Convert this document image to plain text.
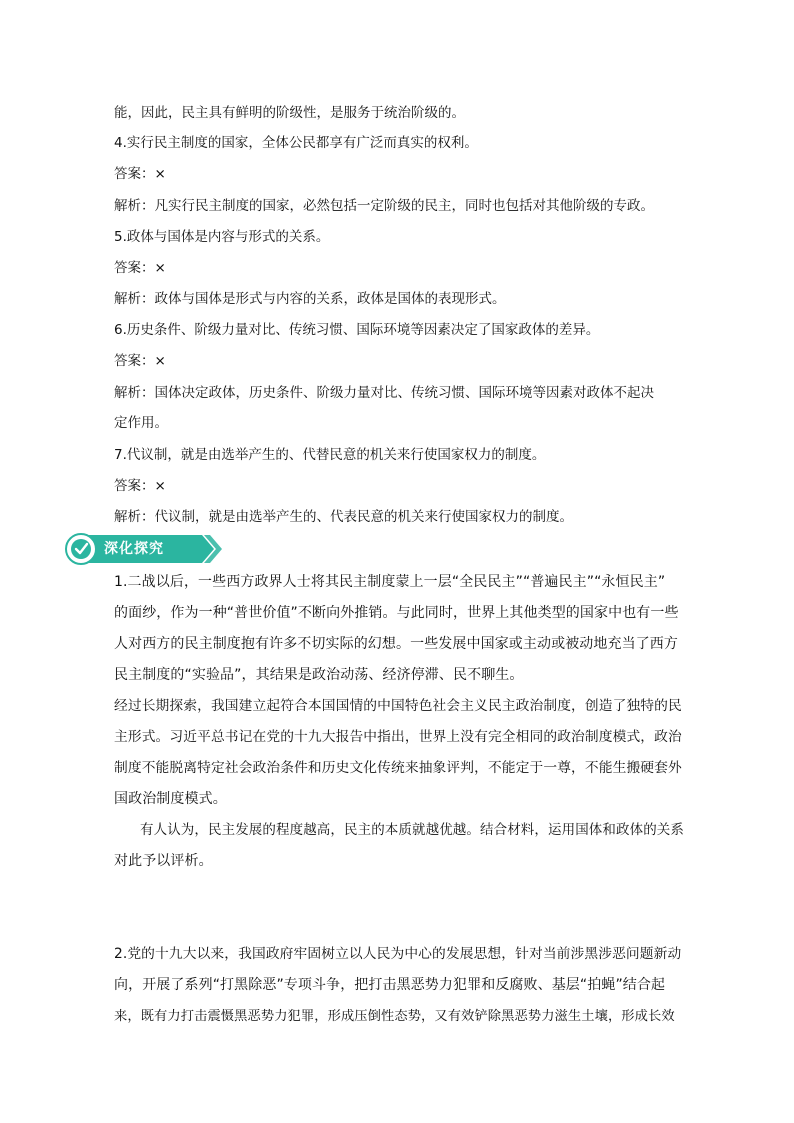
能，因此，民主具有鲜明的阶级性，是服务于统治阶级的。
4.实行民主制度的国家，全体公民都享有广泛而真实的权利。
答案：×
解析：凡实行民主制度的国家，必然包括一定阶级的民主，同时也包括对其他阶级的专政。
5.政体与国体是内容与形式的关系。
答案：×
解析：政体与国体是形式与内容的关系，政体是国体的表现形式。
6.历史条件、阶级力量对比、传统习惯、国际环境等因素决定了国家政体的差异。
答案：×
解析：国体决定政体，历史条件、阶级力量对比、传统习惯、国际环境等因素对政体不起决
定作用。
7.代议制，就是由选举产生的、代替民意的机关来行使国家权力的制度。
答案：×
解析：代议制，就是由选举产生的、代表民意的机关来行使国家权力的制度。
深化探究
1.二战以后，一些西方政界人士将其民主制度蒙上一层“全民民主”“普遍民主”“永恒民主”
的面纱，作为一种“普世价值”不断向外推销。与此同时，世界上其他类型的国家中也有一些
人对西方的民主制度抱有许多不切实际的幻想。一些发展中国家或主动或被动地充当了西方
民主制度的“实验品”，其结果是政治动荡、经济停滞、民不聊生。
经过长期探索，我国建立起符合本国国情的中国特色社会主义民主政治制度，创造了独特的民
主形式。习近平总书记在党的十九大报告中指出，世界上没有完全相同的政治制度模式，政治
制度不能脱离特定社会政治条件和历史文化传统来抽象评判，不能定于一尊，不能生搬硬套外
国政治制度模式。
有人认为，民主发展的程度越高，民主的本质就越优越。结合材料，运用国体和政体的关系
对此予以评析。
2.党的十九大以来，我国政府牢固树立以人民为中心的发展思想，针对当前涉黑涉恶问题新动
向，开展了系列“打黑除恶”专项斗争，把打击黑恶势力犯罪和反腐败、基层“拍蝇”结合起
来，既有力打击震慑黑恶势力犯罪，形成压倒性态势，又有效铲除黑恶势力滋生土壤，形成长效
